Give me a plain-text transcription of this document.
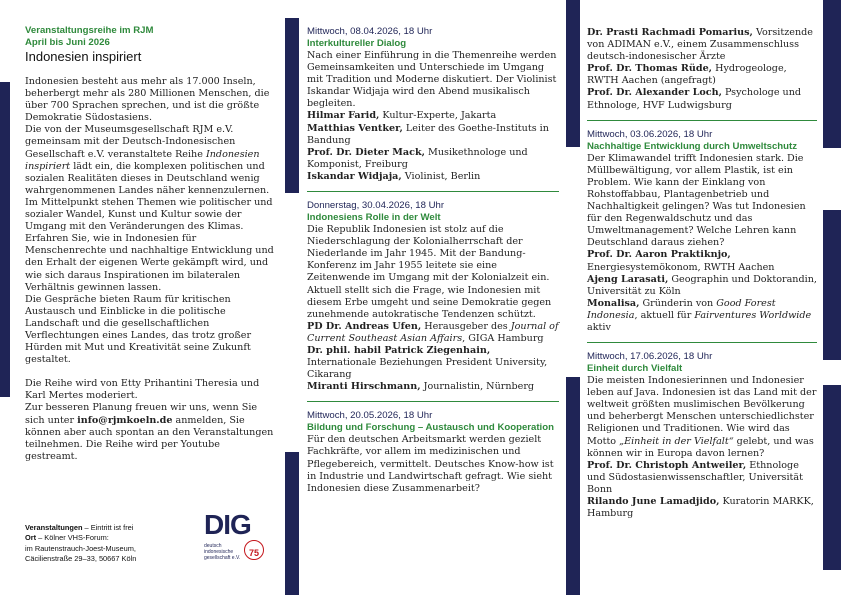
Veranstaltungsreihe im RJM
April bis Juni 2026
Indonesien inspiriert

Indonesien besteht aus mehr als 17.000 Inseln, beherbergt mehr als 280 Millionen Menschen, die über 700 Sprachen sprechen, und ist die größte Demokratie Südostasiens.

Die von der Museumsgesellschaft RJM e.V. gemeinsam mit der Deutsch-Indonesischen Gesellschaft e.V. veranstaltete Reihe Indonesien inspiriert lädt ein, die komplexen politischen und sozialen Realitäten dieses in Deutschland wenig wahrgenommenen Landes näher kennenzulernen.

Im Mittelpunkt stehen Themen wie politischer und sozialer Wandel, Kunst und Kultur sowie der Umgang mit den Veränderungen des Klimas. Erfahren Sie, wie in Indonesien für Menschenrechte und nachhaltige Entwicklung und den Erhalt der eigenen Werte gekämpft wird, und wie sich daraus Inspirationen im bilateralen Verhältnis gewinnen lassen.

Die Gespräche bieten Raum für kritischen Austausch und Einblicke in die politische Landschaft und die gesellschaftlichen Verflechtungen eines Landes, das trotz großer Hürden mit Mut und Kreativität seine Zukunft gestaltet.

Die Reihe wird von Etty Prihantini Theresia und Karl Mertes moderiert.

Zur besseren Planung freuen wir uns, wenn Sie sich unter info@rjmkoeln.de anmelden, Sie können aber auch spontan an den Veranstaltungen teilnehmen. Die Reihe wird per Youtube gestreamt.

Veranstaltungen – Eintritt ist frei
Ort – Kölner VHS-Forum:
im Rautenstrauch-Joest-Museum,
Cäcilienstraße 29–33, 50667 Köln
DIG
deutsch indonesische gesellschaft e.V. 75
Mittwoch, 08.04.2026, 18 Uhr
Interkultureller Dialog

Nach einer Einführung in die Themenreihe werden Gemeinsamkeiten und Unterschiede im Umgang mit Tradition und Moderne diskutiert. Der Violinist Iskandar Widjaja wird den Abend musikalisch begleiten.

Hilmar Farid, Kultur-Experte, Jakarta

Matthias Ventker, Leiter des Goethe-Instituts in Bandung

Prof. Dr. Dieter Mack, Musikethnologe und Komponist, Freiburg

Iskandar Widjaja, Violinist, Berlin

Donnerstag, 30.04.2026, 18 Uhr
Indonesiens Rolle in der Welt

Die Republik Indonesien ist stolz auf die Niederschlagung der Kolonialherrschaft der Niederlande im Jahr 1945. Mit der Bandung-Konferenz im Jahr 1955 leitete sie eine Zeitenwende im Umgang mit der Kolonialzeit ein. Aktuell stellt sich die Frage, wie Indonesien mit diesem Erbe umgeht und seine Demokratie gegen zunehmende autokratische Tendenzen schützt.

PD Dr. Andreas Ufen, Herausgeber des Journal of Current Southeast Asian Affairs, GIGA Hamburg

Dr. phil. habil Patrick Ziegenhain, Internationale Beziehungen President University, Cikarang

Miranti Hirschmann, Journalistin, Nürnberg

Mittwoch, 20.05.2026, 18 Uhr
Bildung und Forschung – Austausch und Kooperation

Für den deutschen Arbeitsmarkt werden gezielt Fachkräfte, vor allem im medizinischen und Pflegebereich, vermittelt. Deutsches Know-how ist in Industrie und Landwirtschaft gefragt. Wie sieht Indonesien diese Zusammenarbeit?

Dr. Prasti Rachmadi Pomarius, Vorsitzende von ADIMAN e.V., einem Zusammenschluss deutsch-indonesischer Ärzte

Prof. Dr. Thomas Rüde, Hydrogeologe, RWTH Aachen (angefragt)

Prof. Dr. Alexander Loch, Psychologe und Ethnologe, HVF Ludwigsburg

Mittwoch, 03.06.2026, 18 Uhr
Nachhaltige Entwicklung durch Umweltschutz

Der Klimawandel trifft Indonesien stark. Die Müllbewältigung, vor allem Plastik, ist ein Problem. Wie kann der Einklang von Rohstoffabbau, Plantagenbetrieb und Nachhaltigkeit gelingen? Was tut Indonesien für den Regenwaldschutz und das Umweltmanagement? Welche Lehren kann Deutschland daraus ziehen?

Prof. Dr. Aaron Praktiknjo, Energiesystemökonom, RWTH Aachen

Ajeng Larasati, Geographin und Doktorandin, Universität zu Köln

Monalisa, Gründerin von Good Forest Indonesia, aktuell für Fairventures Worldwide aktiv

Mittwoch, 17.06.2026, 18 Uhr
Einheit durch Vielfalt

Die meisten Indonesierinnen und Indonesier leben auf Java. Indonesien ist das Land mit der weltweit größten muslimischen Bevölkerung und beherbergt Menschen unterschiedlichster Religionen und Traditionen. Wie wird das Motto „Einheit in der Vielfalt“ gelebt, und was können wir in Europa davon lernen?

Prof. Dr. Christoph Antweiler, Ethnologe und Südostasienwissenschaftler, Universität Bonn

Rilando June Lamadjido, Kuratorin MARKK, Hamburg
